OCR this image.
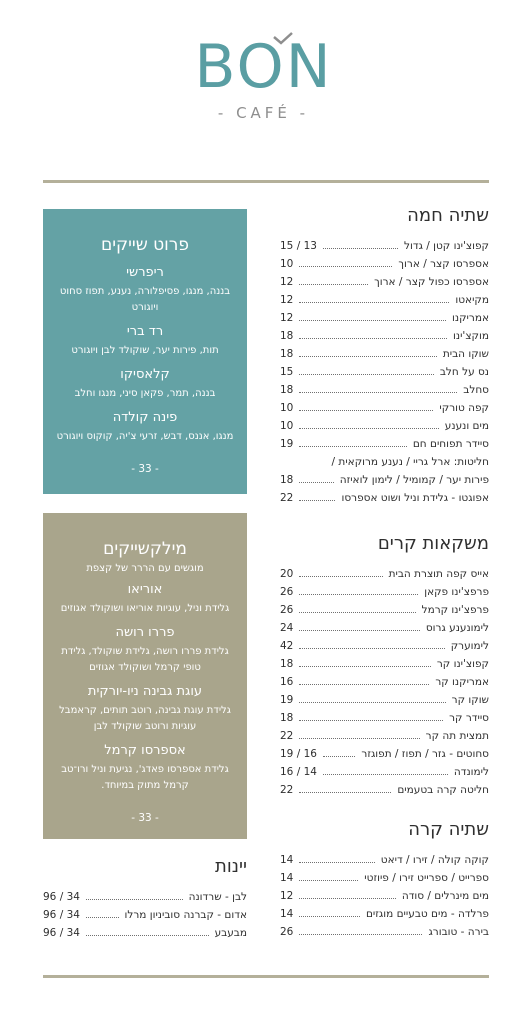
BON
- CAFÉ -
שתיה חמה
קפוצ'ינו קטן / גדול
15 / 13
אספרסו קצר / ארוך
10
אספרסו כפול קצר / ארוך
12
מקיאטו
12
אמריקנו
12
מוקצ'ינו
18
שוקו הבית
18
נס על חלב
15
סחלב
18
קפה טורקי
10
מים ונענע
10
סיידר תפוחים חם
19
חליטות: ארל גריי / נענע מרוקאית /
פירות יער / קמומיל / לימון לואיזה
18
אפוגטו - גלידת וניל ושוט אספרסו
22
משקאות קרים
אייס קפה תוצרת הבית
20
פרפצ'ינו פקאן
26
פרפצ'ינו קרמל
26
לימונענע גרוס
24
לימוערק
42
קפוצ'ינו קר
18
אמריקנו קר
16
שוקו קר
19
סיידר קר
18
תמצית תה קר
22
סחוטים - גזר / תפוז / תפוגזר
19 / 16
לימונדה
16 / 14
חליטה קרה בטעמים
22
שתיה קרה
קוקה קולה / זירו / דיאט
14
ספרייט / ספרייט זירו / פיוזטי
14
מים מינרלים / סודה
12
פרלדה - מים טבעיים מוגזים
14
בירה - טובורג
26
יינות
לבן - שרדונה
96 / 34
אדום - קברנה סוביניון מרלו
96 / 34
מבעבע
96 / 34
פרוט שייקים
ריפרשי
בננה, מנגו, פסיפלורה, נענע, תפוז סחוט ויוגורט
רד ברי
תות, פירות יער, שוקולד לבן ויוגורט
קלאסיקו
בננה, תמר, פקאן סיני, מנגו וחלב
פינה קולדה
מנגו, אננס, דבש, זרעי צ'יה, קוקוס ויוגורט
- 33 -
מילקשייקים
מוגשים עם הררר של קצפת
אוריאו
גלידת וניל, עוגיות אוריאו ושוקולד אגוזים
פררו רושה
גלידת פררו רושה, גלידת שוקולד, גלידת טופי קרמל ושוקולד אגוזים
עוגת גבינה ניו-יורקית
גלידת עוגת גבינה, רוטב תותים, קראמבל עוגיות ורוטב שוקולד לבן
אספרסו קרמל
גלידת אספרסו פאדג', נגיעת וניל ורו־טב קרמל מתוק במיוחד.
- 33 -
